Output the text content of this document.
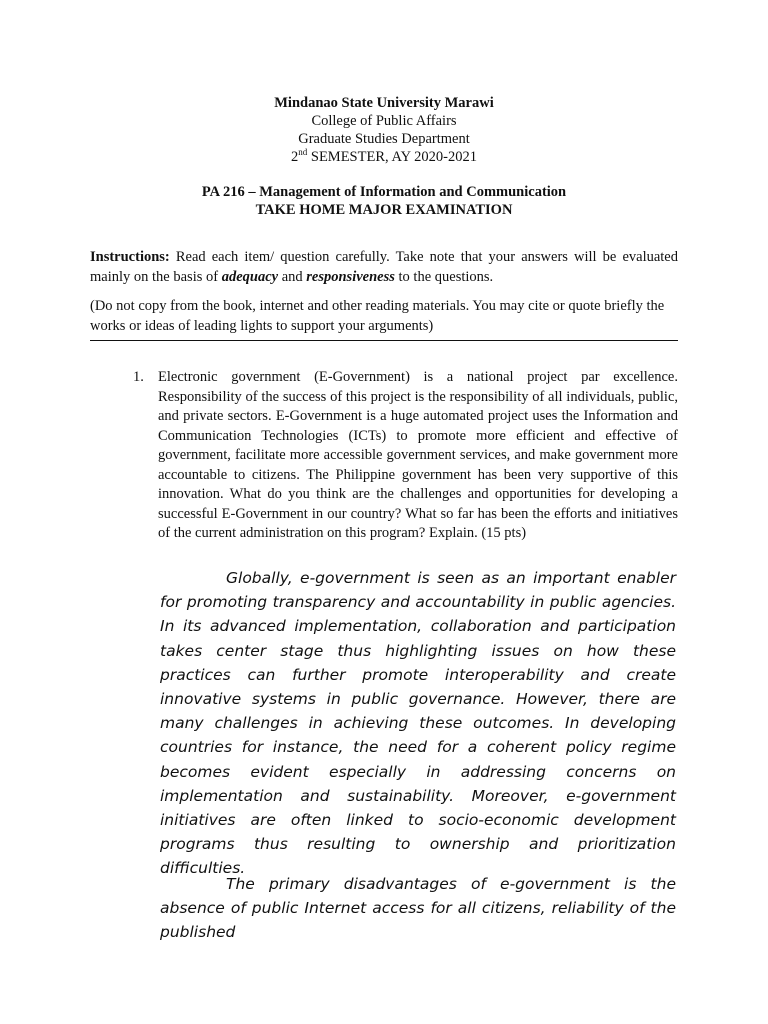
Mindanao State University Marawi
College of Public Affairs
Graduate Studies Department
2nd SEMESTER, AY 2020-2021
PA 216 – Management of Information and Communication
TAKE HOME MAJOR EXAMINATION
Instructions: Read each item/ question carefully. Take note that your answers will be evaluated mainly on the basis of adequacy and responsiveness to the questions.
(Do not copy from the book, internet and other reading materials. You may cite or quote briefly the works or ideas of leading lights to support your arguments)
1. Electronic government (E-Government) is a national project par excellence. Responsibility of the success of this project is the responsibility of all individuals, public, and private sectors. E-Government is a huge automated project uses the Information and Communication Technologies (ICTs) to promote more efficient and effective of government, facilitate more accessible government services, and make government more accountable to citizens. The Philippine government has been very supportive of this innovation. What do you think are the challenges and opportunities for developing a successful E-Government in our country? What so far has been the efforts and initiatives of the current administration on this program? Explain. (15 pts)
Globally, e-government is seen as an important enabler for promoting transparency and accountability in public agencies. In its advanced implementation, collaboration and participation takes center stage thus highlighting issues on how these practices can further promote interoperability and create innovative systems in public governance. However, there are many challenges in achieving these outcomes. In developing countries for instance, the need for a coherent policy regime becomes evident especially in addressing concerns on implementation and sustainability. Moreover, e-government initiatives are often linked to socio-economic development programs thus resulting to ownership and prioritization difficulties.
The primary disadvantages of e-government is the absence of public Internet access for all citizens, reliability of the published
